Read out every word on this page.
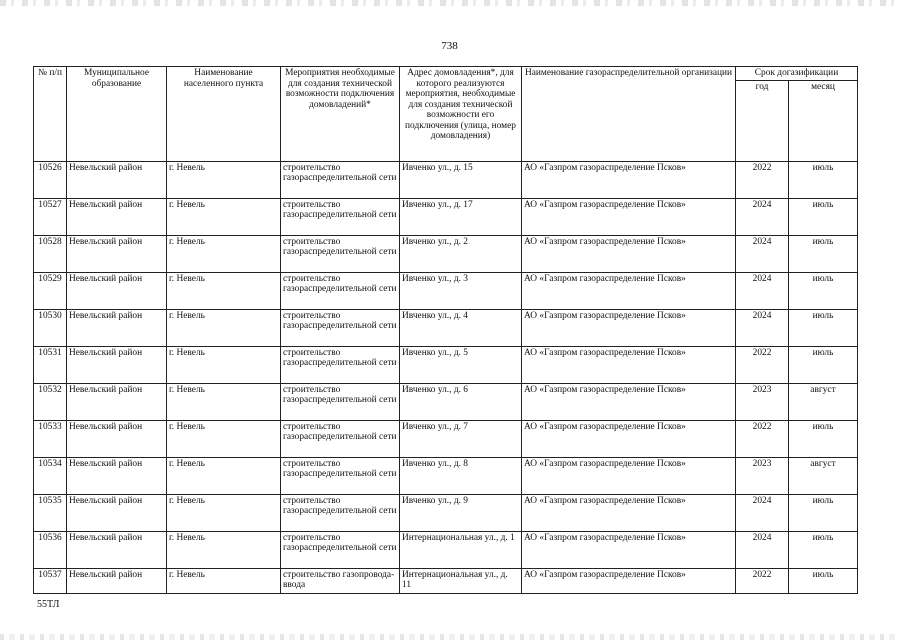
738
№ п/п	Муниципальное образование	Наименование населенного пункта	Мероприятия необходимые для создания технической возможности подключения домовладений*	Адрес домовладения*, для которого реализуются мероприятия, необходимые для создания технической возможности его подключения (улица, номер домовладения)	Наименование газораспределительной организации	Срок догазификации	
						год	месяц
10526	Невельский район	г. Невель	строительство газораспределительной сети	Ивченко ул., д. 15	АО «Газпром газораспределение Псков»	2022	июль
10527	Невельский район	г. Невель	строительство газораспределительной сети	Ивченко ул., д. 17	АО «Газпром газораспределение Псков»	2024	июль
10528	Невельский район	г. Невель	строительство газораспределительной сети	Ивченко ул., д. 2	АО «Газпром газораспределение Псков»	2024	июль
10529	Невельский район	г. Невель	строительство газораспределительной сети	Ивченко ул., д. 3	АО «Газпром газораспределение Псков»	2024	июль
10530	Невельский район	г. Невель	строительство газораспределительной сети	Ивченко ул., д. 4	АО «Газпром газораспределение Псков»	2024	июль
10531	Невельский район	г. Невель	строительство газораспределительной сети	Ивченко ул., д. 5	АО «Газпром газораспределение Псков»	2022	июль
10532	Невельский район	г. Невель	строительство газораспределительной сети	Ивченко ул., д. 6	АО «Газпром газораспределение Псков»	2023	август
10533	Невельский район	г. Невель	строительство газораспределительной сети	Ивченко ул., д. 7	АО «Газпром газораспределение Псков»	2022	июль
10534	Невельский район	г. Невель	строительство газораспределительной сети	Ивченко ул., д. 8	АО «Газпром газораспределение Псков»	2023	август
10535	Невельский район	г. Невель	строительство газораспределительной сети	Ивченко ул., д. 9	АО «Газпром газораспределение Псков»	2024	июль
10536	Невельский район	г. Невель	строительство газораспределительной сети	Интернациональная ул., д. 1	АО «Газпром газораспределение Псков»	2024	июль
10537	Невельский район	г. Невель	строительство газопровода-ввода	Интернациональная ул., д. 11	АО «Газпром газораспределение Псков»	2022	июль
55ТЛ
